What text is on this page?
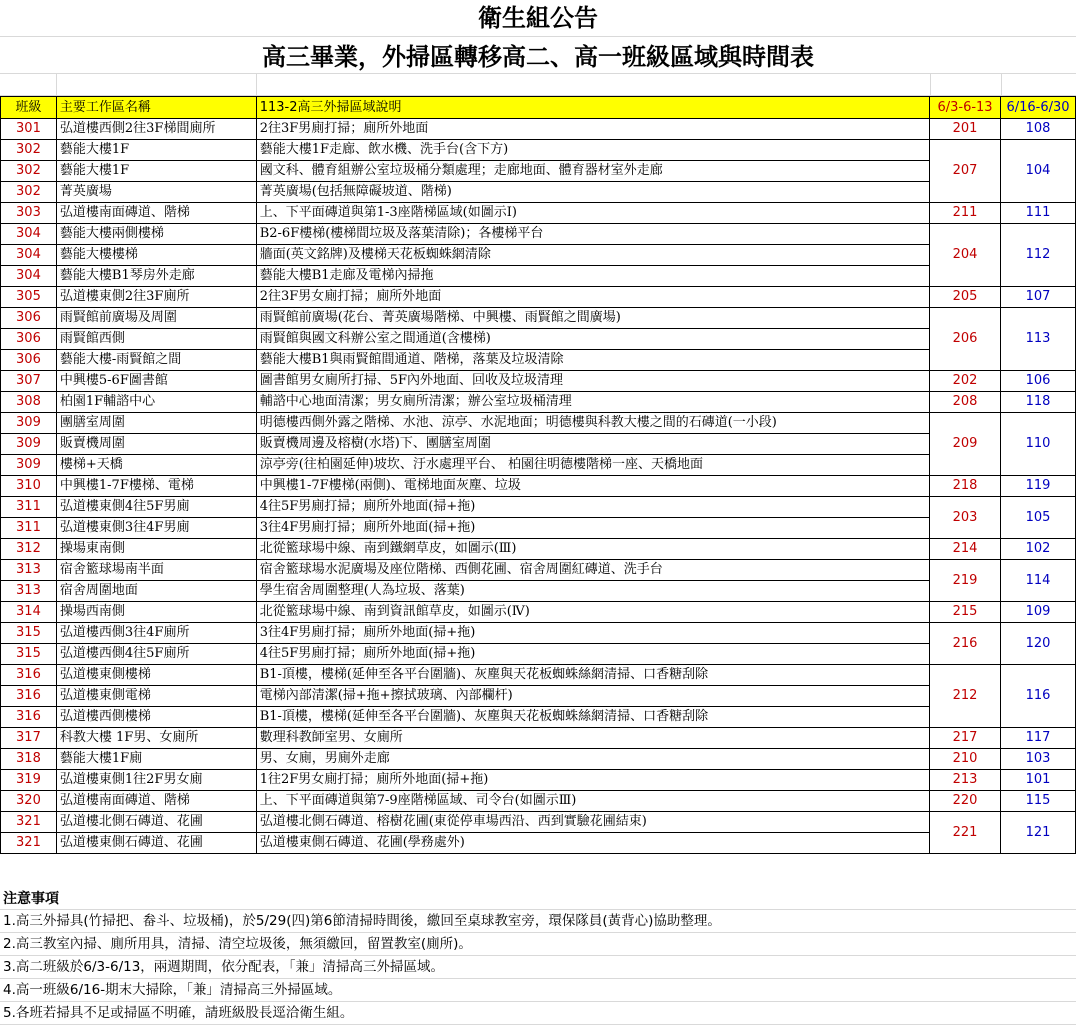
衛生組公告
高三畢業，外掃區轉移高二、高一班級區域與時間表
班級	主要工作區名稱	113-2高三外掃區域說明	6/3-6-13	6/16-6/30
301	弘道樓西側2往3F梯間廁所	2往3F男廁打掃；廁所外地面	201	108
302	藝能大樓1F	藝能大樓1F走廊、飲水機、洗手台(含下方)	207	104
302	藝能大樓1F	國文科、體育組辦公室垃圾桶分類處理；走廊地面、體育器材室外走廊		
302	菁英廣場	菁英廣場(包括無障礙坡道、階梯)		
303	弘道樓南面磚道、階梯	上、下平面磚道與第1-3座階梯區域(如圖示Ⅰ)	211	111
304	藝能大樓兩側樓梯	B2-6F樓梯(樓梯間垃圾及落葉清除)；各樓梯平台	204	112
304	藝能大樓樓梯	牆面(英文銘牌)及樓梯天花板蜘蛛網清除		
304	藝能大樓B1琴房外走廊	藝能大樓B1走廊及電梯內掃拖		
305	弘道樓東側2往3F廁所	2往3F男女廁打掃；廁所外地面	205	107
306	雨賢館前廣場及周圍	雨賢館前廣場(花台、菁英廣場階梯、中興樓、雨賢館之間廣場)	206	113
306	雨賢館西側	雨賢館與國文科辦公室之間通道(含樓梯)		
306	藝能大樓-雨賢館之間	藝能大樓B1與雨賢館間通道、階梯，落葉及垃圾清除		
307	中興樓5-6F圖書館	圖書館男女廁所打掃、5F內外地面、回收及垃圾清理	202	106
308	柏園1F輔諮中心	輔諮中心地面清潔；男女廁所清潔；辦公室垃圾桶清理	208	118
309	團膳室周圍	明德樓西側外露之階梯、水池、涼亭、水泥地面；明德樓與科教大樓之間的石磚道(一小段)	209	110
309	販賣機周圍	販賣機周邊及榕樹(水塔)下、團膳室周圍		
309	樓梯+天橋	涼亭旁(往柏園延伸)坡坎、汙水處理平台、 柏園往明德樓階梯一座、天橋地面		
310	中興樓1-7F樓梯、電梯	中興樓1-7F樓梯(兩側)、電梯地面灰塵、垃圾	218	119
311	弘道樓東側4往5F男廁	4往5F男廁打掃；廁所外地面(掃+拖)	203	105
311	弘道樓東側3往4F男廁	3往4F男廁打掃；廁所外地面(掃+拖)		
312	操場東南側	北從籃球場中線、南到鐵網草皮，如圖示(Ⅲ)	214	102
313	宿舍籃球場南半面	宿舍籃球場水泥廣場及座位階梯、西側花圃、宿舍周圍紅磚道、洗手台	219	114
313	宿舍周圍地面	學生宿舍周圍整理(人為垃圾、落葉)		
314	操場西南側	北從籃球場中線、南到資訊館草皮，如圖示(Ⅳ)	215	109
315	弘道樓西側3往4F廁所	3往4F男廁打掃；廁所外地面(掃+拖)	216	120
315	弘道樓西側4往5F廁所	4往5F男廁打掃；廁所外地面(掃+拖)		
316	弘道樓東側樓梯	B1-頂樓，樓梯(延伸至各平台圍牆)、灰塵與天花板蜘蛛絲網清掃、口香糖刮除	212	116
316	弘道樓東側電梯	電梯內部清潔(掃+拖+擦拭玻璃、內部欄杆)		
316	弘道樓西側樓梯	B1-頂樓，樓梯(延伸至各平台圍牆)、灰塵與天花板蜘蛛絲網清掃、口香糖刮除		
317	科教大樓 1F男、女廁所	數理科教師室男、女廁所	217	117
318	藝能大樓1F廁	男、女廁，男廁外走廊	210	103
319	弘道樓東側1往2F男女廁	1往2F男女廁打掃；廁所外地面(掃+拖)	213	101
320	弘道樓南面磚道、階梯	上、下平面磚道與第7-9座階梯區域、司令台(如圖示Ⅲ)	220	115
321	弘道樓北側石磚道、花圃	弘道樓北側石磚道、榕樹花圃(東從停車場西沿、西到實驗花圃結束)	221	121
321	弘道樓東側石磚道、花圃	弘道樓東側石磚道、花圃(學務處外)		
注意事項
1.高三外掃具(竹掃把、畚斗、垃圾桶)，於5/29(四)第6節清掃時間後，繳回至桌球教室旁，環保隊員(黃背心)協助整理。
2.高三教室內掃、廁所用具，清掃、清空垃圾後，無須繳回，留置教室(廁所)。
3.高二班級於6/3-6/13，兩週期間，依分配表，「兼」清掃高三外掃區域。
4.高一班級6/16-期末大掃除，「兼」清掃高三外掃區域。
5.各班若掃具不足或掃區不明確，請班級股長逕洽衛生組。
